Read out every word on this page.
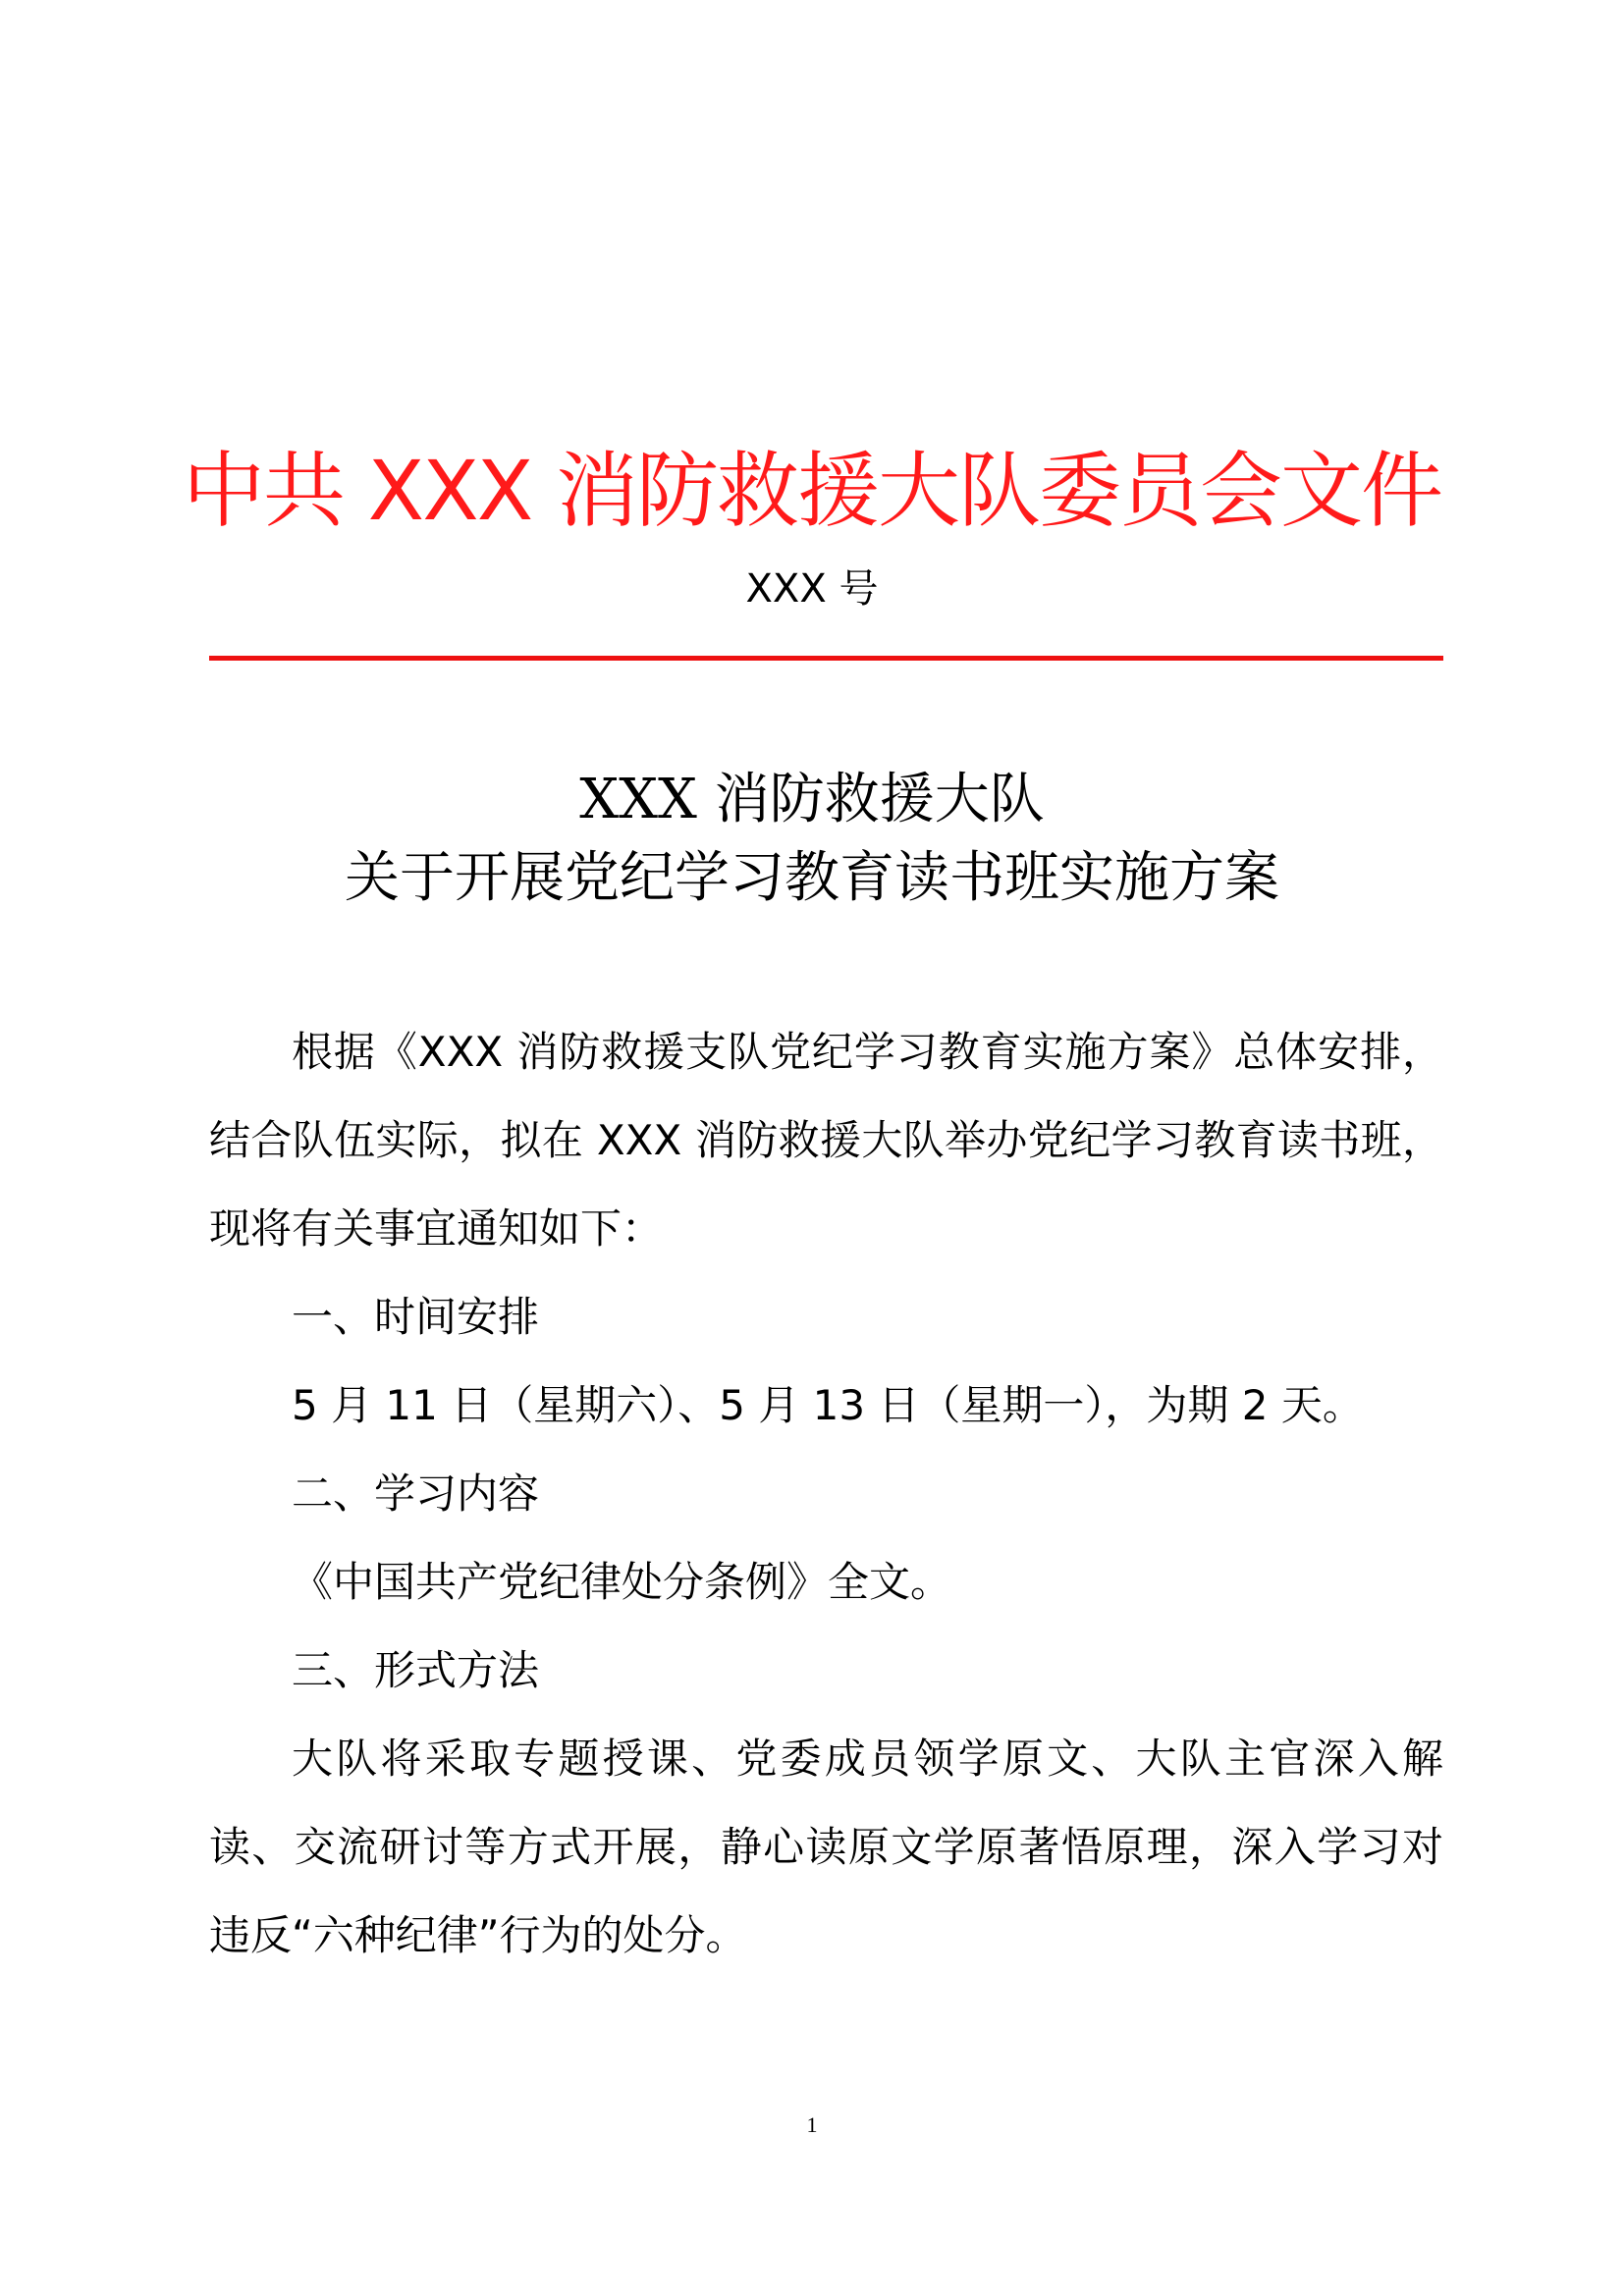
中共 XXX 消防救援大队委员会文件
XXX 号
XXX 消防救援大队
关于开展党纪学习教育读书班实施方案

根据《XXX 消防救援支队党纪学习教育实施方案》总体安排，结合队伍实际，拟在 XXX 消防救援大队举办党纪学习教育读书班，现将有关事宜通知如下：

一、时间安排

5 月 11 日（星期六）、5 月 13 日（星期一），为期 2 天。

二、学习内容

《中国共产党纪律处分条例》全文。

三、形式方法

大队将采取专题授课、党委成员领学原文、大队主官深入解读、交流研讨等方式开展，静心读原文学原著悟原理，深入学习对违反“六种纪律”行为的处分。

1
